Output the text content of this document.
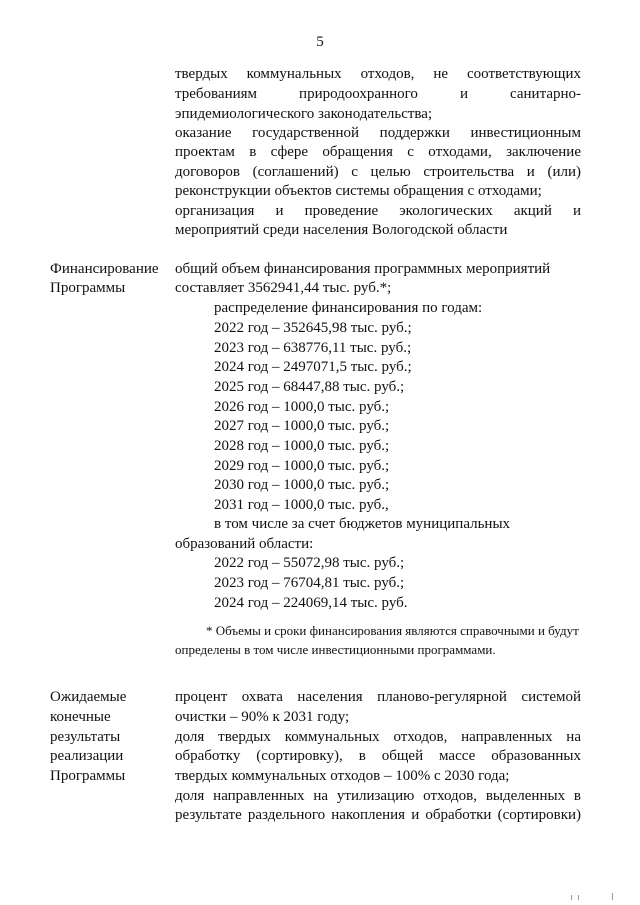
5
твердых коммунальных отходов, не соответствующих
требованиям природоохранного и санитарно-
эпидемиологического законодательства;
оказание государственной поддержки инвестиционным
проектам в сфере обращения с отходами, заключение
договоров (соглашений) с целью строительства и (или)
реконструкции объектов системы обращения с отходами;
организация и проведение экологических акций и
мероприятий среди населения Вологодской области
Финансирование
Программы
общий объем финансирования программных мероприятий
составляет 3562941,44 тыс. руб.*;
распределение финансирования по годам:
2022 год – 352645,98 тыс. руб.;
2023 год – 638776,11 тыс. руб.;
2024 год – 2497071,5 тыс. руб.;
2025 год – 68447,88 тыс. руб.;
2026 год – 1000,0 тыс. руб.;
2027 год – 1000,0 тыс. руб.;
2028 год – 1000,0 тыс. руб.;
2029 год – 1000,0 тыс. руб.;
2030 год – 1000,0 тыс. руб.;
2031 год – 1000,0 тыс. руб.,
в том числе за счет бюджетов муниципальных
образований области:
2022 год – 55072,98 тыс. руб.;
2023 год – 76704,81 тыс. руб.;
2024 год – 224069,14 тыс. руб.
* Объемы и сроки финансирования являются справочными и будут
определены в том числе инвестиционными программами.
Ожидаемые
конечные
результаты
реализации
Программы
процент охвата населения планово-регулярной системой
очистки – 90% к 2031 году;
доля твердых коммунальных отходов, направленных на
обработку (сортировку), в общей массе образованных
твердых коммунальных отходов – 100% с 2030 года;
доля направленных на утилизацию отходов, выделенных в
результате раздельного накопления и обработки (сортировки)
